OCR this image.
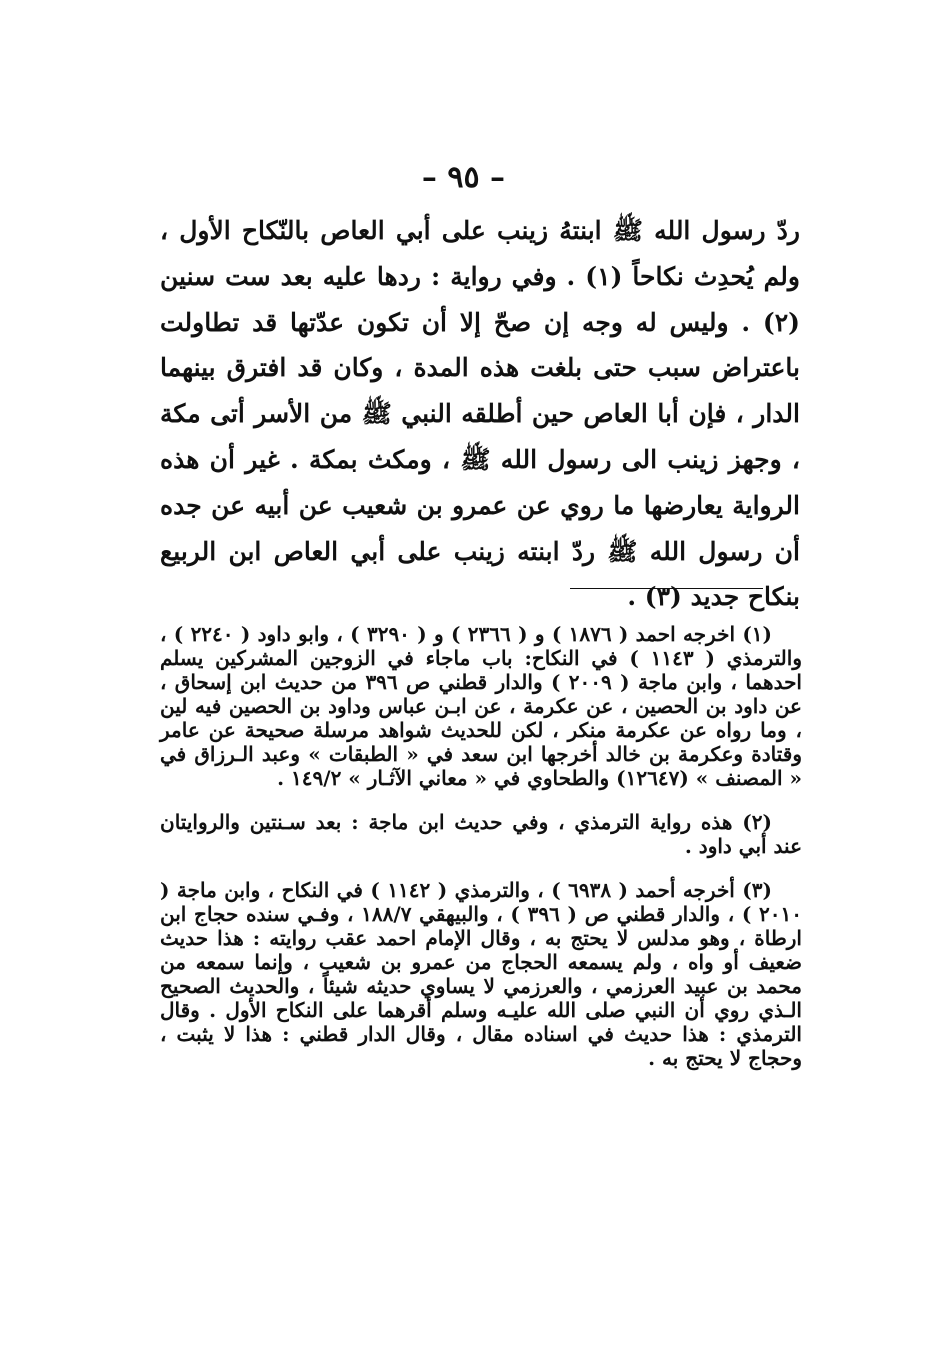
– ٩٥ –

ردّ رسول الله ﷺ ابنتهُ زينب على أبي العاص بالنّكاح الأول ، ولم يُحدِث نكاحاً (١) . وفي رواية : ردها عليه بعد ست سنين (٢) . وليس له وجه إن صحّ إلا أن تكون عدّتها قد تطاولت باعتراض سبب حتى بلغت هذه المدة ، وكان قد افترق بينهما الدار ، فإن أبا العاص حين أطلقه النبي ﷺ من الأسر أتى مكة ، وجهز زينب الى رسول الله ﷺ ، ومكث بمكة . غير أن هذه الرواية يعارضها ما روي عن عمرو بن شعيب عن أبيه عن جده أن رسول الله ﷺ ردّ ابنته زينب على أبي العاص ابن الربيع بنكاح جديد (٣) .

(١) اخرجه احمد ( ١٨٧٦ ) و ( ٢٣٦٦ ) و ( ٣٢٩٠ ) ، وابو داود ( ٢٢٤٠ ) ، والترمذي ( ١١٤٣ ) في النكاح: باب ماجاء في الزوجين المشركين يسلم احدهما ، وابن ماجة ( ٢٠٠٩ ) والدار قطني ص ٣٩٦ من حديث ابن إسحاق ، عن داود بن الحصين ، عن عكرمة ، عن ابـن عباس وداود بن الحصين فيه لين ، وما رواه عن عكرمة منكر ، لكن للحديث شواهد مرسلة صحيحة عن عامر وقتادة وعكرمة بن خالد أخرجها ابن سعد في « الطبقات » وعبد الـرزاق في « المصنف » (١٢٦٤٧) والطحاوي في « معاني الآثـار » ١٤٩/٢ .

(٢) هذه رواية الترمذي ، وفي حديث ابن ماجة : بعد سـنتين والروايتان عند أبي داود .

(٣) أخرجه أحمد ( ٦٩٣٨ ) ، والترمذي ( ١١٤٢ ) في النكاح ، وابن ماجة ( ٢٠١٠ ) ، والدار قطني ص ( ٣٩٦ ) ، والبيهقي ١٨٨/٧ ، وفـي سنده حجاج ابن ارطاة ، وهو مدلس لا يحتج به ، وقال الإمام احمد عقب روايته : هذا حديث ضعيف أو واه ، ولم يسمعه الحجاج من عمرو بن شعيب ، وإنما سمعه من محمد بن عبيد العرزمي ، والعرزمي لا يساوي حديثه شيئاً ، والحديث الصحيح الـذي روي أن النبي صلى الله عليـه وسلم أقرهما على النكاح الأول . وقال الترمذي : هذا حديث في اسناده مقال ، وقال الدار قطني : هذا لا يثبت ، وحجاج لا يحتج به .
